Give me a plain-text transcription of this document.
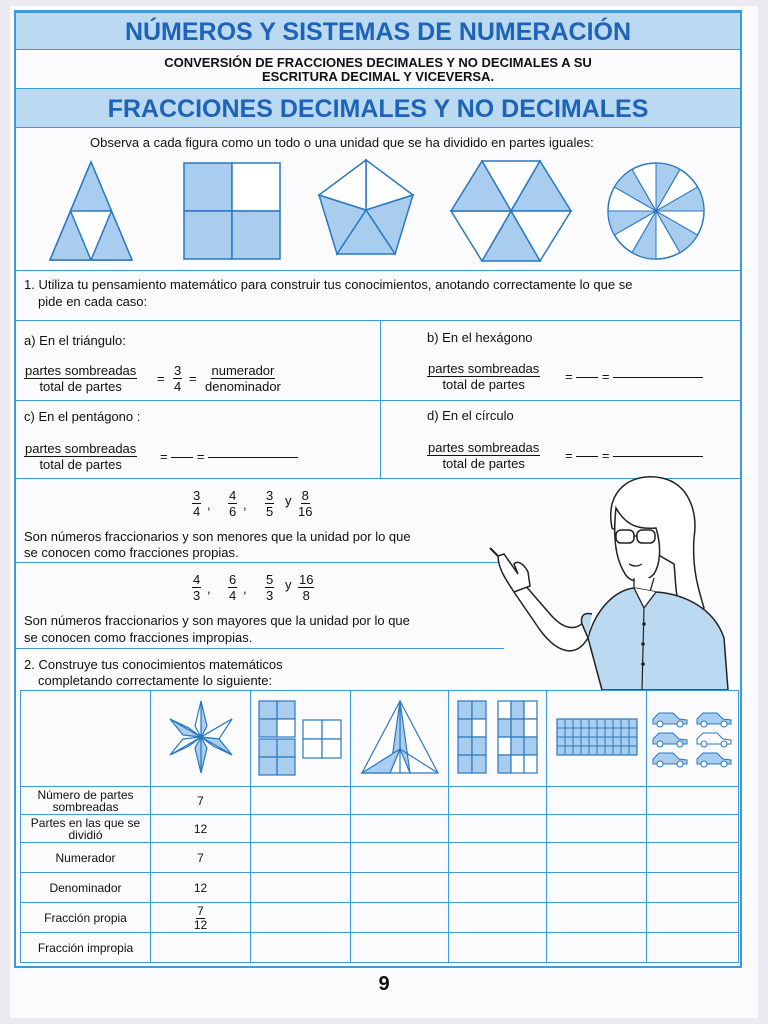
NÚMEROS Y SISTEMAS DE NUMERACIÓN
CONVERSIÓN DE FRACCIONES DECIMALES Y NO DECIMALES A SU
ESCRITURA DECIMAL Y VICEVERSA.
FRACCIONES DECIMALES Y NO DECIMALES
Observa a cada figura como un todo o una unidad que se ha dividido en partes iguales:
1. Utiliza tu pensamiento matemático para construir tus conocimientos, anotando correctamente lo que se
pide en cada caso:
a) En el triángulo:
partes sombreadas
total de partes
= $\frac{3}{4}$ =
numerador
denominador
b) En el hexágono
partes sombreadas
total de partes
=  =
c) En el pentágono :
partes sombreadas
total de partes
=  =
d) En el círculo
partes sombreadas
total de partes
=  =
$\frac{3}{4}$ , $\frac{4}{6}$ , $\frac{3}{5}$ y $\frac{8}{16}$
Son números fraccionarios y son menores que la unidad por lo que
se conocen como fracciones propias.
$\frac{4}{3}$ , $\frac{6}{4}$ , $\frac{5}{3}$ y $\frac{16}{8}$
Son números fraccionarios y son mayores que la unidad por lo que
se conocen como fracciones impropias.
2. Construye tus conocimientos matemáticos
completando correctamente lo siguiente:

Número de partes
sombreadas	7					

Partes en las que se
dividió	12					
Numerador	7					
Denominador	12					
Fracción propia	$\frac{7}{12}$

Fracción impropia						
9
